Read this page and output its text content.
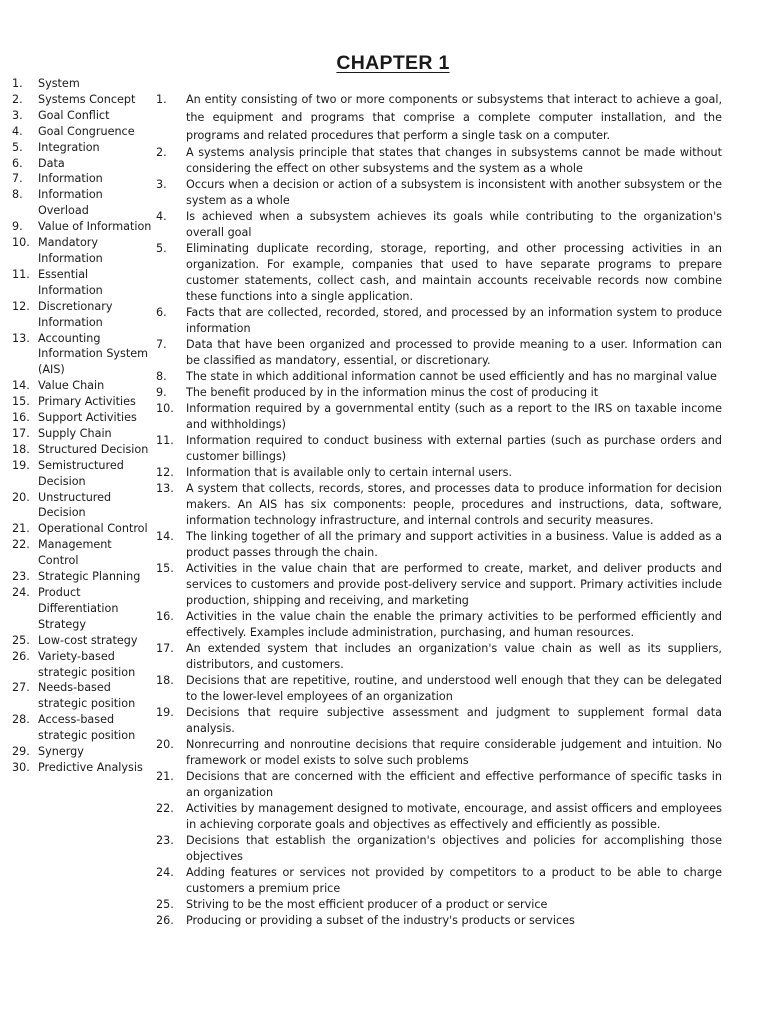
CHAPTER 1
1.	System
2.	Systems Concept
3.	Goal Conflict
4.	Goal Congruence
5.	Integration
6.	Data
7.	Information
8.	Information Overload
9.	Value of Information
10. Mandatory Information
11. Essential Information
12. Discretionary Information
13. Accounting Information System (AIS)
14. Value Chain
15. Primary Activities
16. Support Activities
17. Supply Chain
18. Structured Decision
19. Semistructured Decision
20. Unstructured Decision
21. Operational Control
22. Management Control
23. Strategic Planning
24. Product Differentiation Strategy
25. Low-cost strategy
26. Variety-based strategic position
27. Needs-based strategic position
28. Access-based strategic position
29. Synergy
30. Predictive Analysis
1.	An entity consisting of two or more components or subsystems that interact to achieve a goal, the equipment and programs that comprise a complete computer installation, and the programs and related procedures that perform a single task on a computer.
2.	A systems analysis principle that states that changes in subsystems cannot be made without considering the effect on other subsystems and the system as a whole
3.	Occurs when a decision or action of a subsystem is inconsistent with another subsystem or the system as a whole
4.	Is achieved when a subsystem achieves its goals while contributing to the organization's overall goal
5.	Eliminating duplicate recording, storage, reporting, and other processing activities in an organization. For example, companies that used to have separate programs to prepare customer statements, collect cash, and maintain accounts receivable records now combine these functions into a single application.
6.	Facts that are collected, recorded, stored, and processed by an information system to produce information
7.	Data that have been organized and processed to provide meaning to a user. Information can be classified as mandatory, essential, or discretionary.
8.	The state in which additional information cannot be used efficiently and has no marginal value
9.	The benefit produced by in the information minus the cost of producing it
10.	Information required by a governmental entity (such as a report to the IRS on taxable income and withholdings)
11.	Information required to conduct business with external parties (such as purchase orders and customer billings)
12.	Information that is available only to certain internal users.
13.	A system that collects, records, stores, and processes data to produce information for decision makers. An AIS has six components: people, procedures and instructions, data, software, information technology infrastructure, and internal controls and security measures.
14.	The linking together of all the primary and support activities in a business. Value is added as a product passes through the chain.
15.	Activities in the value chain that are performed to create, market, and deliver products and services to customers and provide post-delivery service and support. Primary activities include production, shipping and receiving, and marketing
16.	Activities in the value chain the enable the primary activities to be performed efficiently and effectively. Examples include administration, purchasing, and human resources.
17.	An extended system that includes an organization's value chain as well as its suppliers, distributors, and customers.
18.	Decisions that are repetitive, routine, and understood well enough that they can be delegated to the lower-level employees of an organization
19.	Decisions that require subjective assessment and judgment to supplement formal data analysis.
20.	Nonrecurring and nonroutine decisions that require considerable judgement and intuition. No framework or model exists to solve such problems
21.	Decisions that are concerned with the efficient and effective performance of specific tasks in an organization
22.	Activities by management designed to motivate, encourage, and assist officers and employees in achieving corporate goals and objectives as effectively and efficiently as possible.
23.	Decisions that establish the organization's objectives and policies for accomplishing those objectives
24.	Adding features or services not provided by competitors to a product to be able to charge customers a premium price
25.	Striving to be the most efficient producer of a product or service
26.	Producing or providing a subset of the industry's products or services
